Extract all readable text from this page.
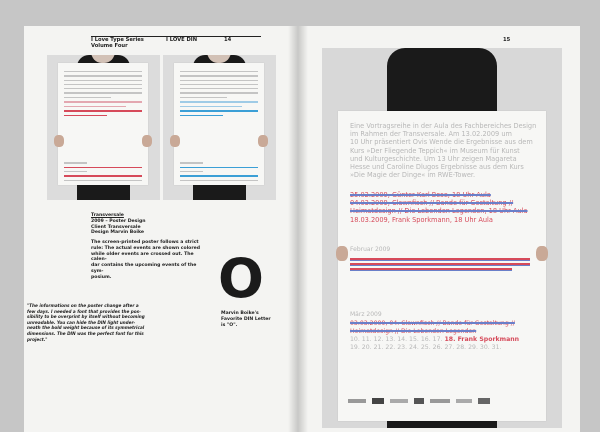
I Love Type Series
Volume Four
I LOVE DIN	14
Transversale
2009 – Poster Design
Client Transversale
Design Marvin Boike
The screen-printed poster follows a strict
rule: The actual events are shown colored
while older events are crossed out. The calen-
dar contains the upcoming events of the sym-
posium.
"The informations on the poster change after a
few days. I needed a font that provides the pos-
sibility to be overprint by itself without becoming
unreadable. You can hide the DIN light under-
neath the bold weight because of its symmetrical
dimensions. The DIN was the perfect font for this
project."
O
Marvin Boike's
Favorite DIN Letter
is "O".
15
Eine Vortragsreihe in der Aula des Fachbereiches Design
im Rahmen der Transversale. Am 13.02.2009 um
10 Uhr präsentiert Ovis Wende die Ergebnisse aus dem
Kurs »Der Fliegende Teppich« im Museum für Kunst
und Kulturgeschichte. Um 13 Uhr zeigen Magareta
Hesse und Caroline Dlugos Ergebnisse aus dem Kurs
»Die Magie der Dinge« im RWE-Tower.
25.02.2009, Günter Karl Bose, 18 Uhr Aula
04.03.2009, Clawnfisch // Bande für Gestaltung //
Heimatdesign // Die Lebenden Legenden, 18 Uhr Aula
18.03.2009, Frank Sporkmann, 18 Uhr Aula
Februar 2009
März 2009
03.03.2009, 04. Clawnfisch // Bande für Gestaltung //
Heimatdesign // Die Lebenden Legenden
10. 11. 12. 13. 14. 15. 16. 17. 18. Frank Sporkmann
19. 20. 21. 22. 23. 24. 25. 26. 27. 28. 29. 30. 31.
